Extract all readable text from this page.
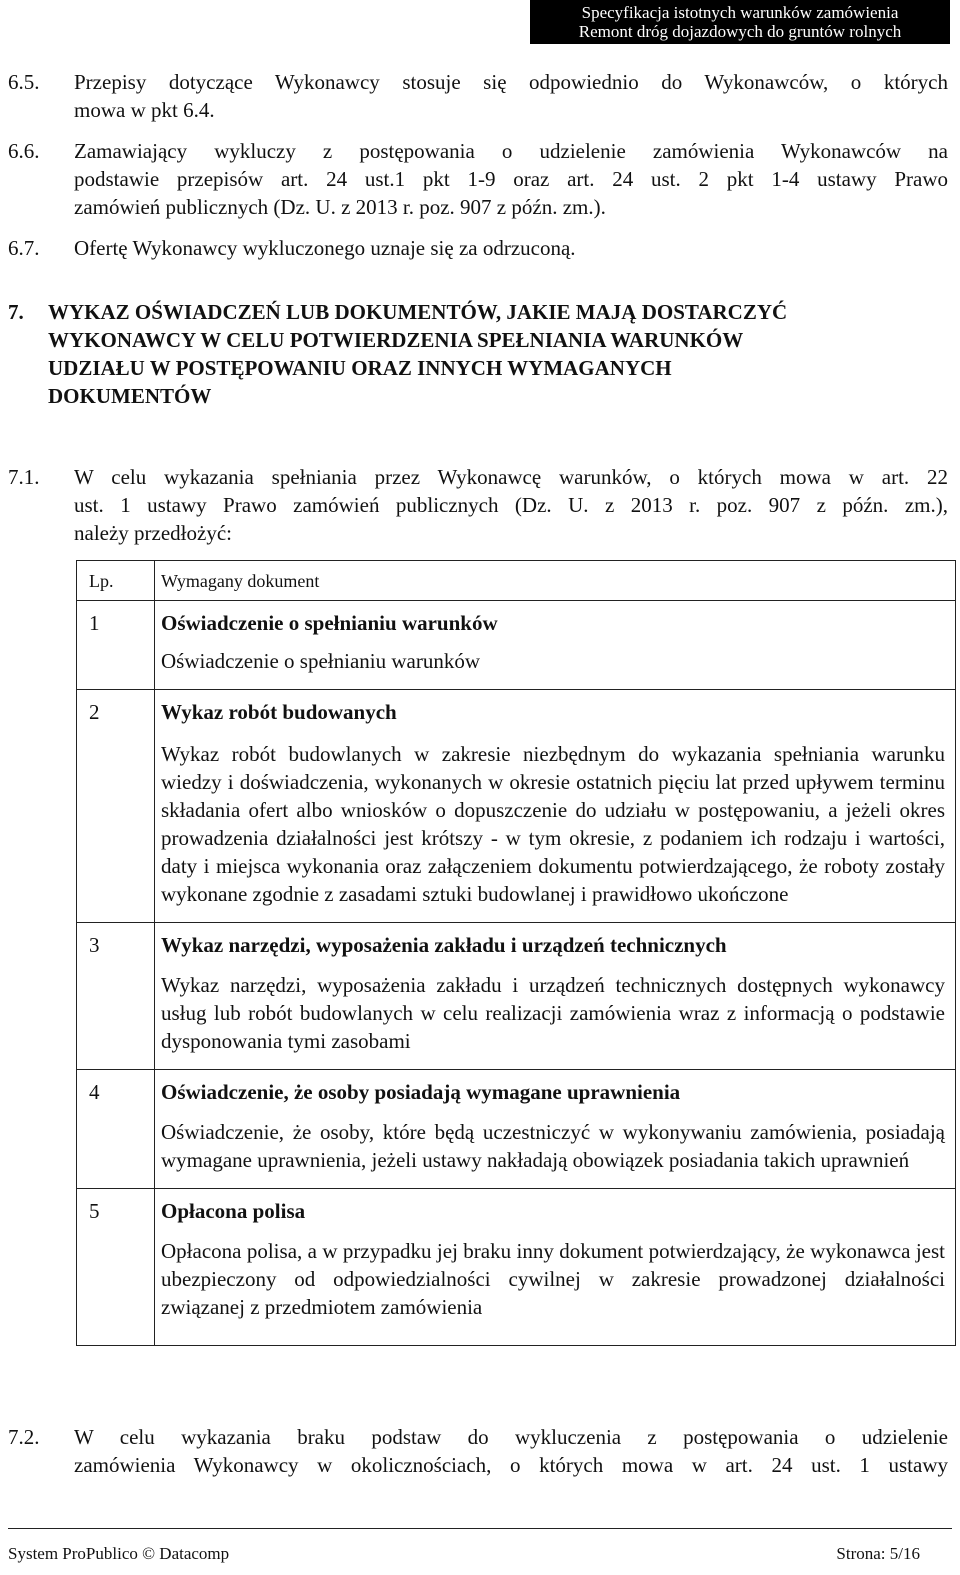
Specyfikacja istotnych warunków zamówienia
Remont dróg dojazdowych do gruntów rolnych
6.5. Przepisy dotyczące Wykonawcy stosuje się odpowiednio do Wykonawców, o których
mowa w pkt 6.4.
6.6. Zamawiający wykluczy z postępowania o udzielenie zamówienia Wykonawców na
podstawie przepisów art. 24 ust.1 pkt 1-9 oraz art. 24 ust. 2 pkt 1-4 ustawy Prawo
zamówień publicznych (Dz. U. z 2013 r. poz. 907 z późn. zm.).
6.7. Ofertę Wykonawcy wykluczonego uznaje się za odrzuconą.
7. WYKAZ OŚWIADCZEŃ LUB DOKUMENTÓW, JAKIE MAJĄ DOSTARCZYĆ
WYKONAWCY W CELU POTWIERDZENIA SPEŁNIANIA WARUNKÓW
UDZIAŁU W POSTĘPOWANIU ORAZ INNYCH WYMAGANYCH
DOKUMENTÓW
7.1. W celu wykazania spełniania przez Wykonawcę warunków, o których mowa w art. 22
ust. 1 ustawy Prawo zamówień publicznych (Dz. U. z 2013 r. poz. 907 z późn. zm.),
należy przedłożyć:
Lp.	Wymagany dokument
1	Oświadczenie o spełnianiu warunków
Oświadczenie o spełnianiu warunków

2	Wykaz robót budowanych
Wykaz robót budowlanych w zakresie niezbędnym do wykazania spełniania warunku wiedzy i doświadczenia, wykonanych w okresie ostatnich pięciu lat przed upływem terminu składania ofert albo wniosków o dopuszczenie do udziału w postępowaniu, a jeżeli okres prowadzenia działalności jest krótszy - w tym okresie, z podaniem ich rodzaju i wartości, daty i miejsca wykonania oraz załączeniem dokumentu potwierdzającego, że roboty zostały wykonane zgodnie z zasadami sztuki budowlanej i prawidłowo ukończone

3	Wykaz narzędzi, wyposażenia zakładu i urządzeń technicznych
Wykaz narzędzi, wyposażenia zakładu i urządzeń technicznych dostępnych wykonawcy usług lub robót budowlanych w celu realizacji zamówienia wraz z informacją o podstawie dysponowania tymi zasobami

4	Oświadczenie, że osoby posiadają wymagane uprawnienia
Oświadczenie, że osoby, które będą uczestniczyć w wykonywaniu zamówienia, posiadają wymagane uprawnienia, jeżeli ustawy nakładają obowiązek posiadania takich uprawnień

5	Opłacona polisa
Opłacona polisa, a w przypadku jej braku inny dokument potwierdzający, że wykonawca jest ubezpieczony od odpowiedzialności cywilnej w zakresie prowadzonej działalności związanej z przedmiotem zamówienia
7.2. W celu wykazania braku podstaw do wykluczenia z postępowania o udzielenie
zamówienia Wykonawcy w okolicznościach, o których mowa w art. 24 ust. 1 ustawy
System ProPublico © Datacomp	Strona: 5/16
